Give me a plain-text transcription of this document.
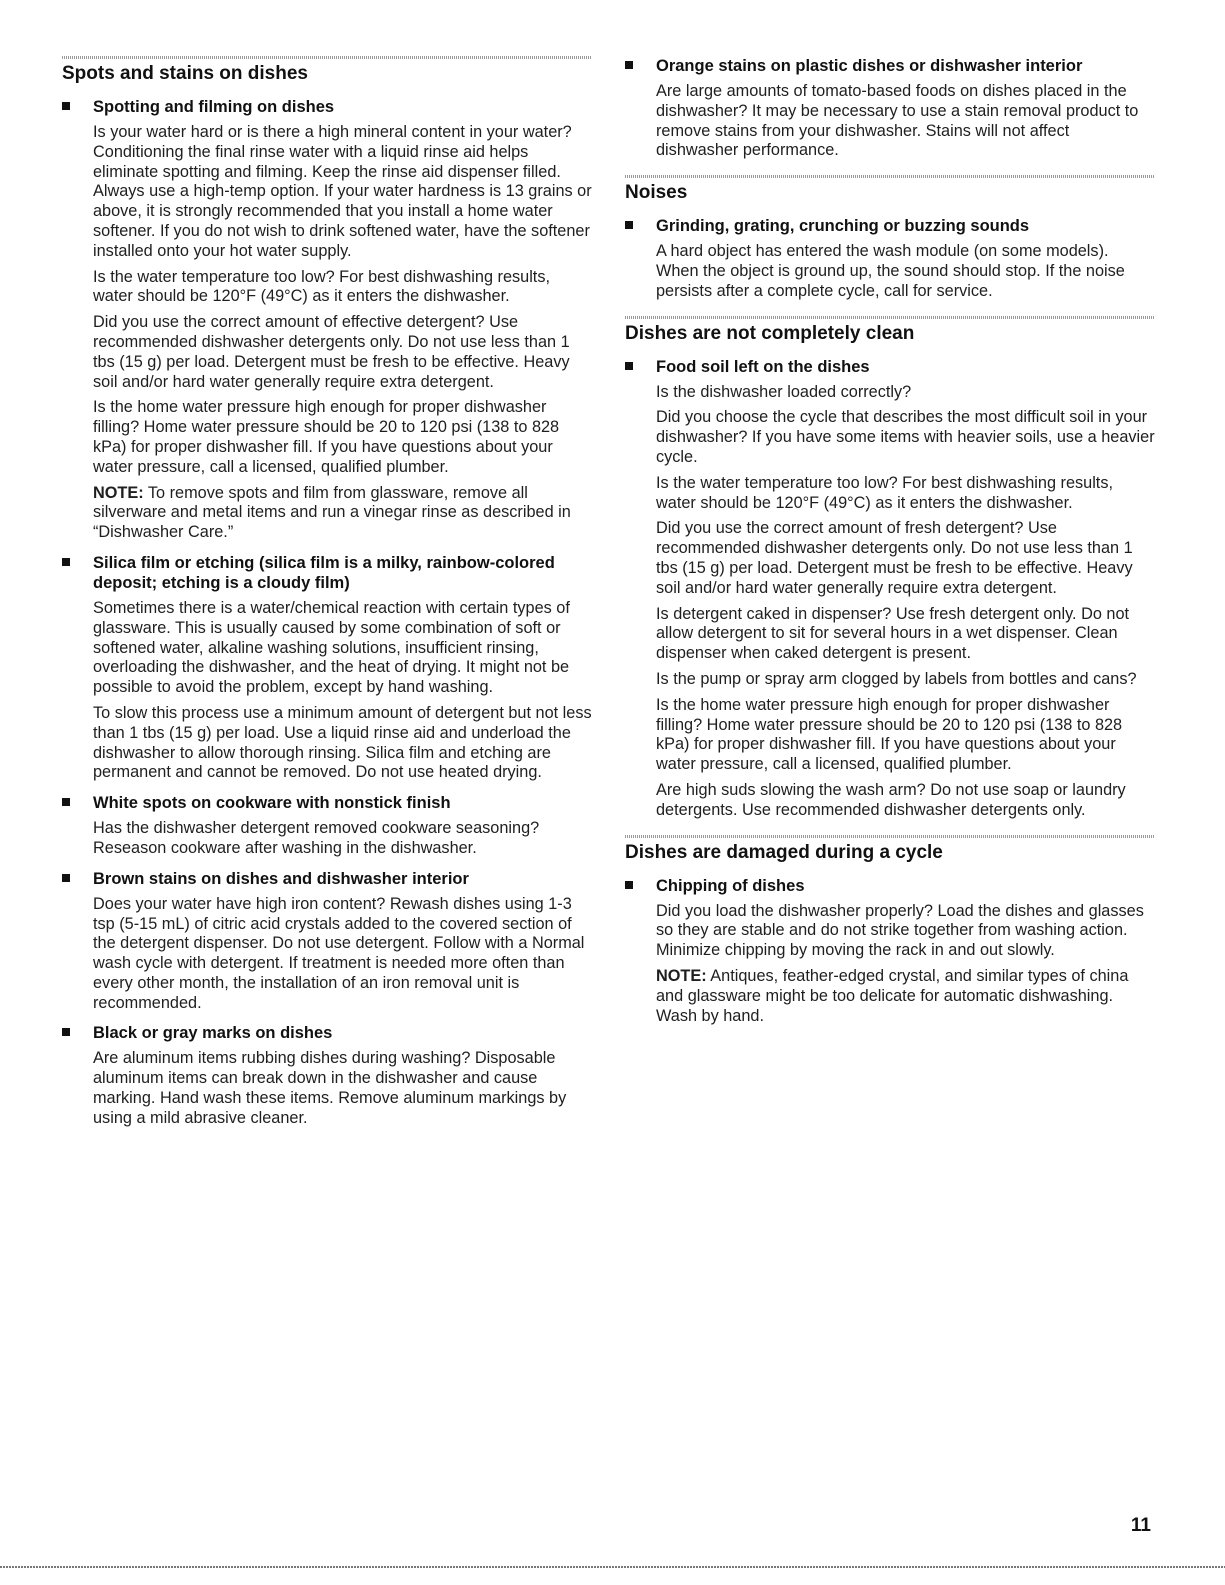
Spots and stains on dishes
Spotting and filming on dishes

Is your water hard or is there a high mineral content in your water? Conditioning the final rinse water with a liquid rinse aid helps eliminate spotting and filming. Keep the rinse aid dispenser filled. Always use a high-temp option. If your water hardness is 13 grains or above, it is strongly recommended that you install a home water softener. If you do not wish to drink softened water, have the softener installed onto your hot water supply.

Is the water temperature too low? For best dishwashing results, water should be 120°F (49°C) as it enters the dishwasher.

Did you use the correct amount of effective detergent? Use recommended dishwasher detergents only. Do not use less than 1 tbs (15 g) per load. Detergent must be fresh to be effective. Heavy soil and/or hard water generally require extra detergent.

Is the home water pressure high enough for proper dishwasher filling? Home water pressure should be 20 to 120 psi (138 to 828 kPa) for proper dishwasher fill. If you have questions about your water pressure, call a licensed, qualified plumber.

NOTE: To remove spots and film from glassware, remove all silverware and metal items and run a vinegar rinse as described in “Dishwasher Care.”

Silica film or etching (silica film is a milky, rainbow-colored deposit; etching is a cloudy film)

Sometimes there is a water/chemical reaction with certain types of glassware. This is usually caused by some combination of soft or softened water, alkaline washing solutions, insufficient rinsing, overloading the dishwasher, and the heat of drying. It might not be possible to avoid the problem, except by hand washing.

To slow this process use a minimum amount of detergent but not less than 1 tbs (15 g) per load. Use a liquid rinse aid and underload the dishwasher to allow thorough rinsing. Silica film and etching are permanent and cannot be removed. Do not use heated drying.

White spots on cookware with nonstick finish

Has the dishwasher detergent removed cookware seasoning? Reseason cookware after washing in the dishwasher.

Brown stains on dishes and dishwasher interior

Does your water have high iron content? Rewash dishes using 1-3 tsp (5-15 mL) of citric acid crystals added to the covered section of the detergent dispenser. Do not use detergent. Follow with a Normal wash cycle with detergent. If treatment is needed more often than every other month, the installation of an iron removal unit is recommended.

Black or gray marks on dishes

Are aluminum items rubbing dishes during washing? Disposable aluminum items can break down in the dishwasher and cause marking. Hand wash these items. Remove aluminum markings by using a mild abrasive cleaner.

Orange stains on plastic dishes or dishwasher interior

Are large amounts of tomato-based foods on dishes placed in the dishwasher? It may be necessary to use a stain removal product to remove stains from your dishwasher. Stains will not affect dishwasher performance.

Noises
Grinding, grating, crunching or buzzing sounds

A hard object has entered the wash module (on some models). When the object is ground up, the sound should stop. If the noise persists after a complete cycle, call for service.

Dishes are not completely clean
Food soil left on the dishes

Is the dishwasher loaded correctly?

Did you choose the cycle that describes the most difficult soil in your dishwasher? If you have some items with heavier soils, use a heavier cycle.

Is the water temperature too low? For best dishwashing results, water should be 120°F (49°C) as it enters the dishwasher.

Did you use the correct amount of fresh detergent? Use recommended dishwasher detergents only. Do not use less than 1 tbs (15 g) per load. Detergent must be fresh to be effective. Heavy soil and/or hard water generally require extra detergent.

Is detergent caked in dispenser? Use fresh detergent only. Do not allow detergent to sit for several hours in a wet dispenser. Clean dispenser when caked detergent is present.

Is the pump or spray arm clogged by labels from bottles and cans?

Is the home water pressure high enough for proper dishwasher filling? Home water pressure should be 20 to 120 psi (138 to 828 kPa) for proper dishwasher fill. If you have questions about your water pressure, call a licensed, qualified plumber.

Are high suds slowing the wash arm? Do not use soap or laundry detergents. Use recommended dishwasher detergents only.

Dishes are damaged during a cycle
Chipping of dishes

Did you load the dishwasher properly? Load the dishes and glasses so they are stable and do not strike together from washing action. Minimize chipping by moving the rack in and out slowly.

NOTE: Antiques, feather-edged crystal, and similar types of china and glassware might be too delicate for automatic dishwashing. Wash by hand.

11
